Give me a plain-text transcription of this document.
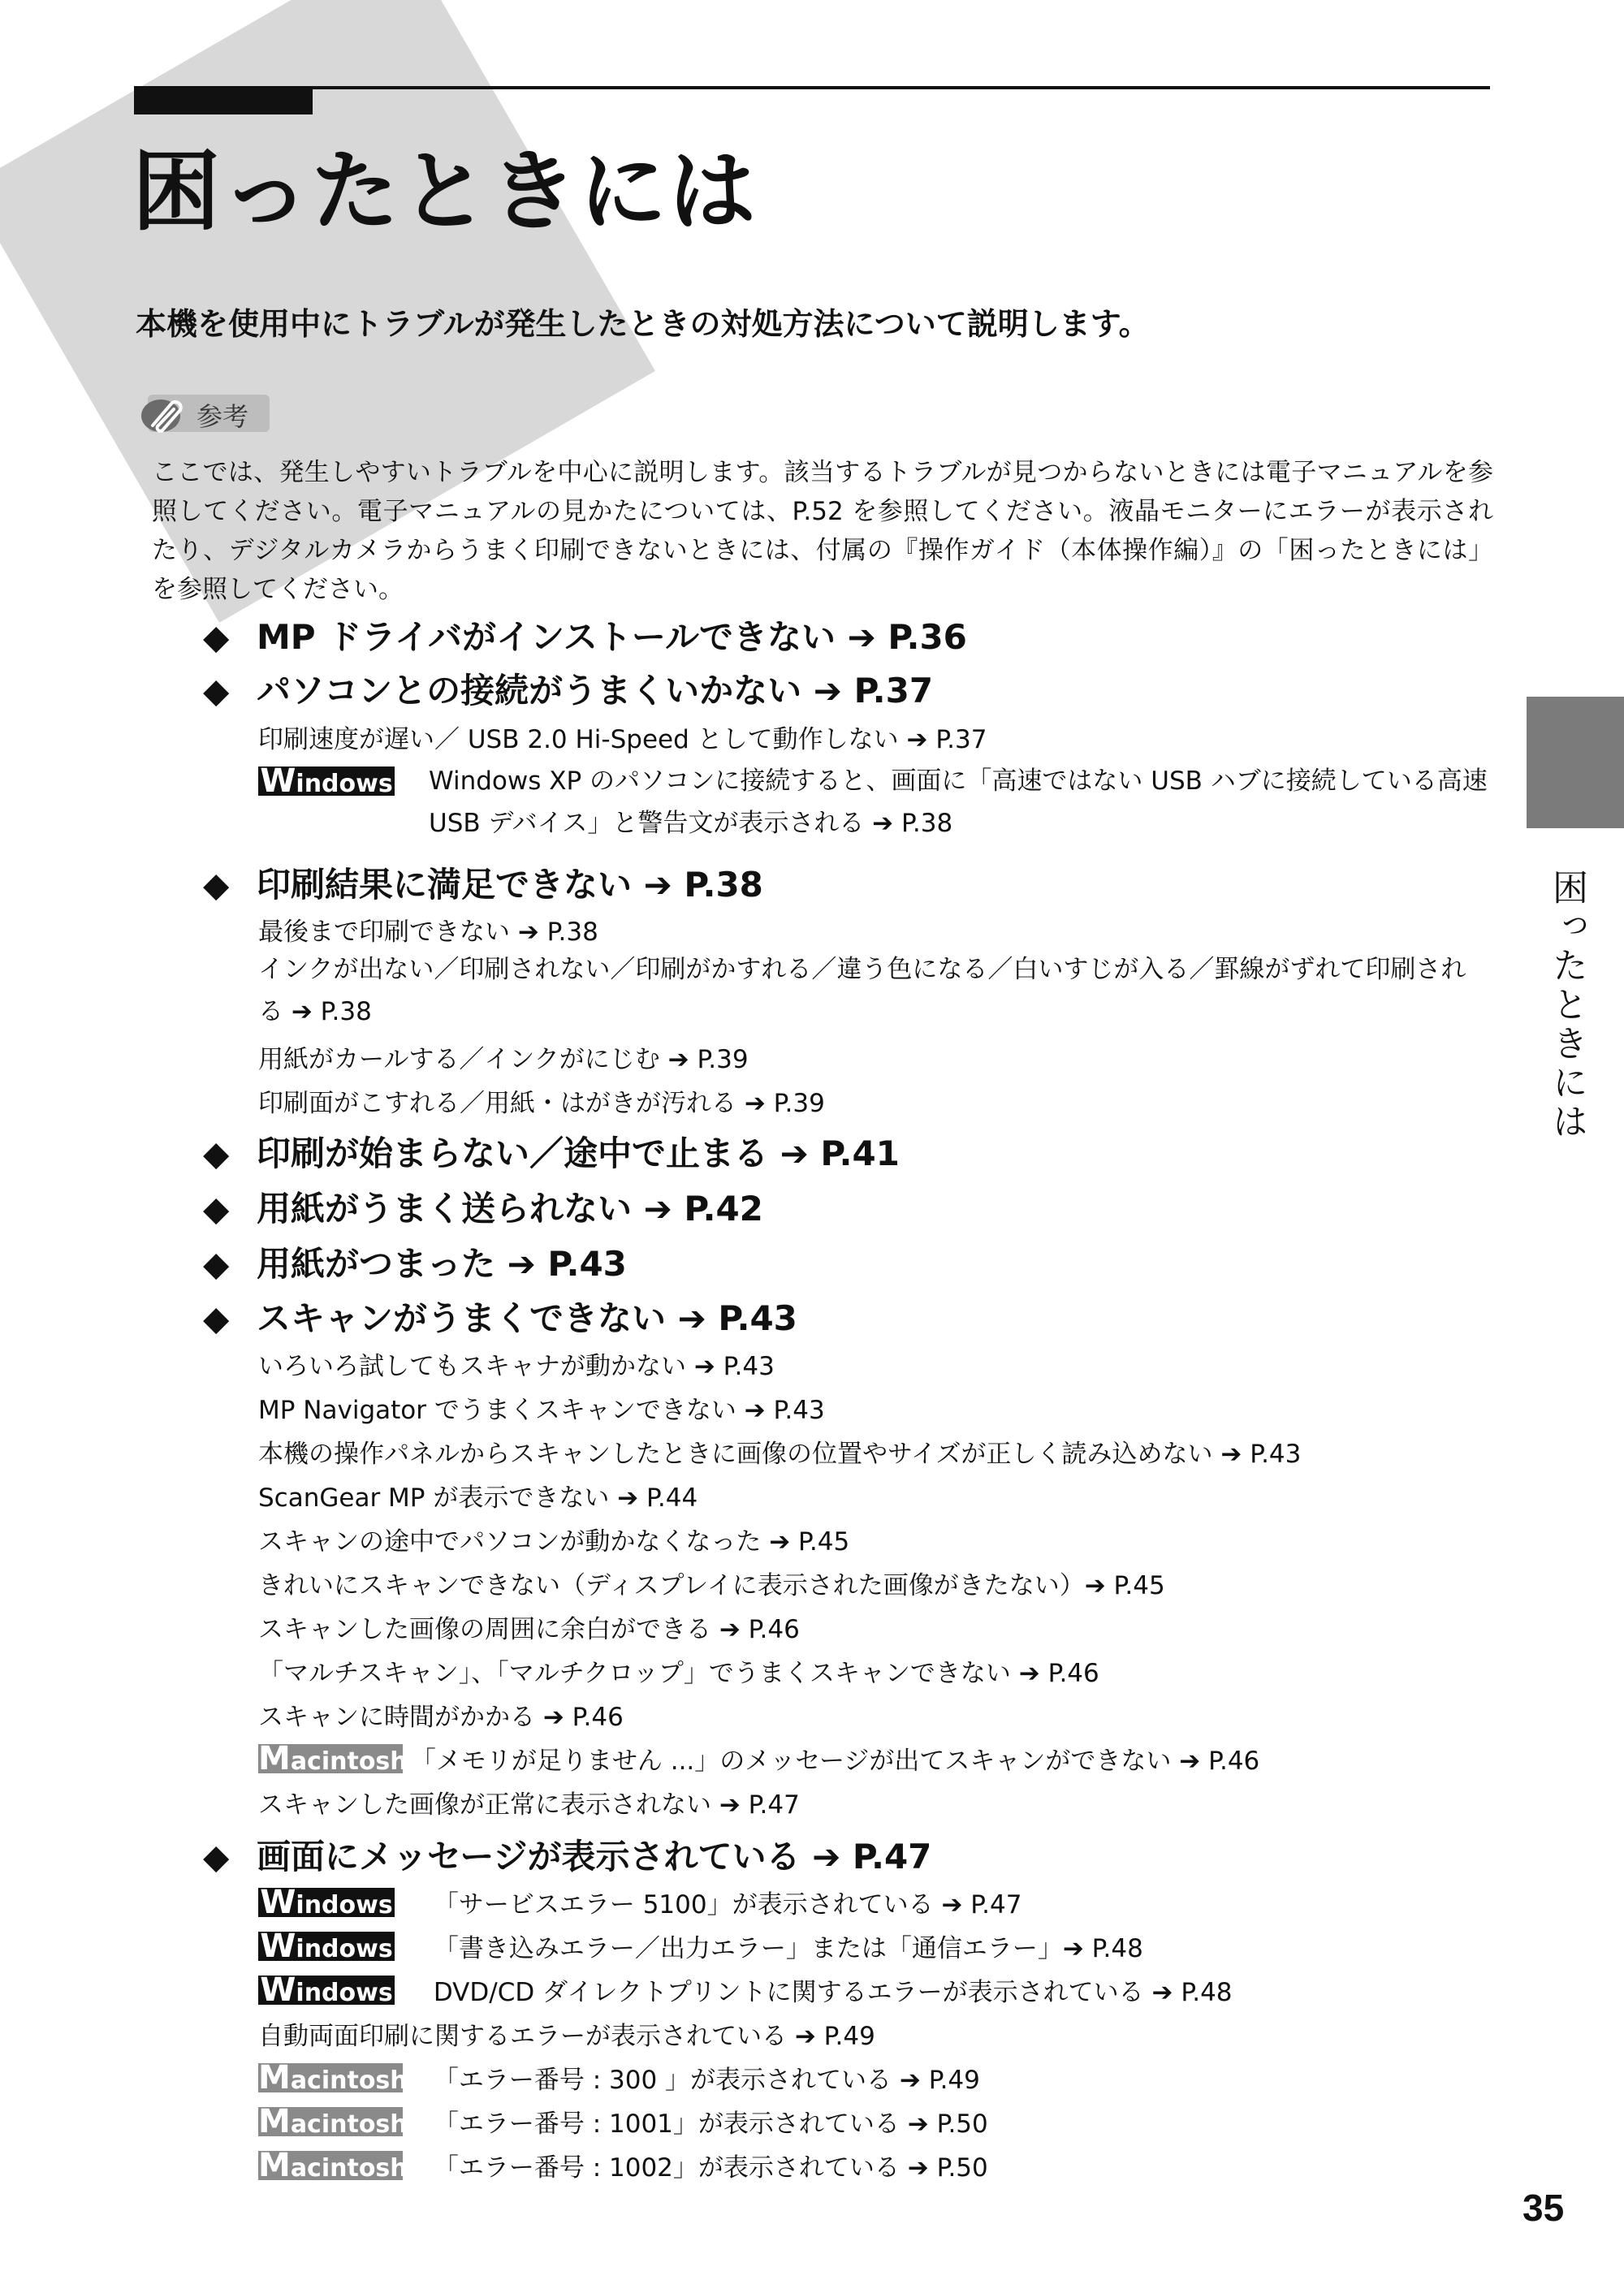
困ったときには

本機を使用中にトラブルが発生したときの対処方法について説明します。

参考

ここでは、発生しやすいトラブルを中心に説明します。該当するトラブルが見つからないときには電子マニュアルを参照してください。電子マニュアルの見かたについては、P.52 を参照してください。液晶モニターにエラーが表示されたり、デジタルカメラからうまく印刷できないときには、付属の『操作ガイド（本体操作編）』の「困ったときには」を参照してください。

◆ MP ドライバがインストールできない ➔ P.36
◆ パソコンとの接続がうまくいかない ➔ P.37
印刷速度が遅い／ USB 2.0 Hi-Speed として動作しない ➔ P.37
Windows Windows XP のパソコンに接続すると、画面に「高速ではない USB ハブに接続している高速 USB デバイス」と警告文が表示される ➔ P.38
◆ 印刷結果に満足できない ➔ P.38
最後まで印刷できない ➔ P.38
インクが出ない／印刷されない／印刷がかすれる／違う色になる／白いすじが入る／罫線がずれて印刷される ➔ P.38
用紙がカールする／インクがにじむ ➔ P.39
印刷面がこすれる／用紙・はがきが汚れる ➔ P.39
◆ 印刷が始まらない／途中で止まる ➔ P.41
◆ 用紙がうまく送られない ➔ P.42
◆ 用紙がつまった ➔ P.43
◆ スキャンがうまくできない ➔ P.43
いろいろ試してもスキャナが動かない ➔ P.43
MP Navigator でうまくスキャンできない ➔ P.43
本機の操作パネルからスキャンしたときに画像の位置やサイズが正しく読み込めない ➔ P.43
ScanGear MP が表示できない ➔ P.44
スキャンの途中でパソコンが動かなくなった ➔ P.45
きれいにスキャンできない（ディスプレイに表示された画像がきたない）➔ P.45
スキャンした画像の周囲に余白ができる ➔ P.46
「マルチスキャン」、「マルチクロップ」でうまくスキャンできない ➔ P.46
スキャンに時間がかかる ➔ P.46
Macintosh 「メモリが足りません ...」のメッセージが出てスキャンができない ➔ P.46
スキャンした画像が正常に表示されない ➔ P.47
◆ 画面にメッセージが表示されている ➔ P.47
Windows 「サービスエラー 5100」が表示されている ➔ P.47
Windows 「書き込みエラー／出力エラー」または「通信エラー」➔ P.48
Windows DVD/CD ダイレクトプリントに関するエラーが表示されている ➔ P.48
自動両面印刷に関するエラーが表示されている ➔ P.49
Macintosh 「エラー番号 : 300 」が表示されている ➔ P.49
Macintosh 「エラー番号 : 1001」が表示されている ➔ P.50
Macintosh 「エラー番号 : 1002」が表示されている ➔ P.50
困ったときには
35
